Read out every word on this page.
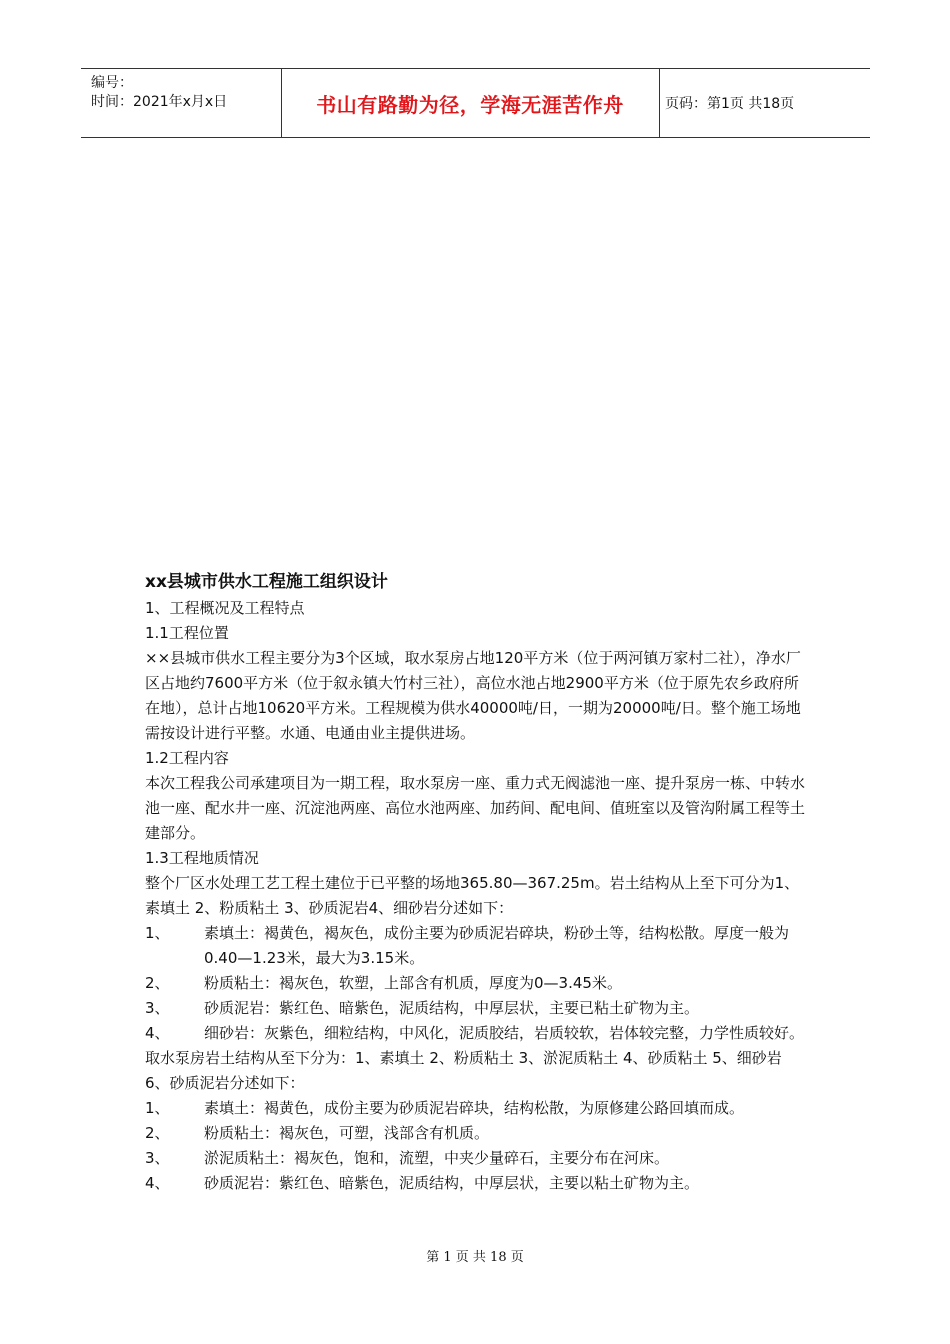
编号：
时间：2021年x月x日	书山有路勤为径，学海无涯苦作舟	页码：第1页 共18页

xx县城市供水工程施工组织设计

1、工程概况及工程特点

1.1工程位置

××县城市供水工程主要分为3个区域，取水泵房占地120平方米（位于两河镇万家村二社），净水厂区占地约7600平方米（位于叙永镇大竹村三社），高位水池占地2900平方米（位于原先农乡政府所在地），总计占地10620平方米。工程规模为供水40000吨/日，一期为20000吨/日。整个施工场地需按设计进行平整。水通、电通由业主提供进场。

1.2工程内容

本次工程我公司承建项目为一期工程，取水泵房一座、重力式无阀滤池一座、提升泵房一栋、中转水池一座、配水井一座、沉淀池两座、高位水池两座、加药间、配电间、值班室以及管沟附属工程等土建部分。

1.3工程地质情况

整个厂区水处理工艺工程土建位于已平整的场地365.80—367.25m。岩土结构从上至下可分为1、素填土 2、粉质粘土 3、砂质泥岩4、细砂岩分述如下：

1、	素填土：褐黄色，褐灰色，成份主要为砂质泥岩碎块，粉砂土等，结构松散。厚度一般为0.40—1.23米，最大为3.15米。
2、	粉质粘土：褐灰色，软塑，上部含有机质，厚度为0—3.45米。
3、	砂质泥岩：紫红色、暗紫色，泥质结构，中厚层状，主要已粘土矿物为主。
4、	细砂岩：灰紫色，细粒结构，中风化，泥质胶结，岩质较软，岩体较完整，力学性质较好。

取水泵房岩土结构从至下分为：1、素填土 2、粉质粘土 3、淤泥质粘土 4、砂质粘土 5、细砂岩 6、砂质泥岩分述如下：

1、	素填土：褐黄色，成份主要为砂质泥岩碎块，结构松散，为原修建公路回填而成。
2、	粉质粘土：褐灰色，可塑，浅部含有机质。
3、	淤泥质粘土：褐灰色，饱和，流塑，中夹少量碎石，主要分布在河床。
4、	砂质泥岩：紫红色、暗紫色，泥质结构，中厚层状，主要以粘土矿物为主。
第 1 页 共 18 页
